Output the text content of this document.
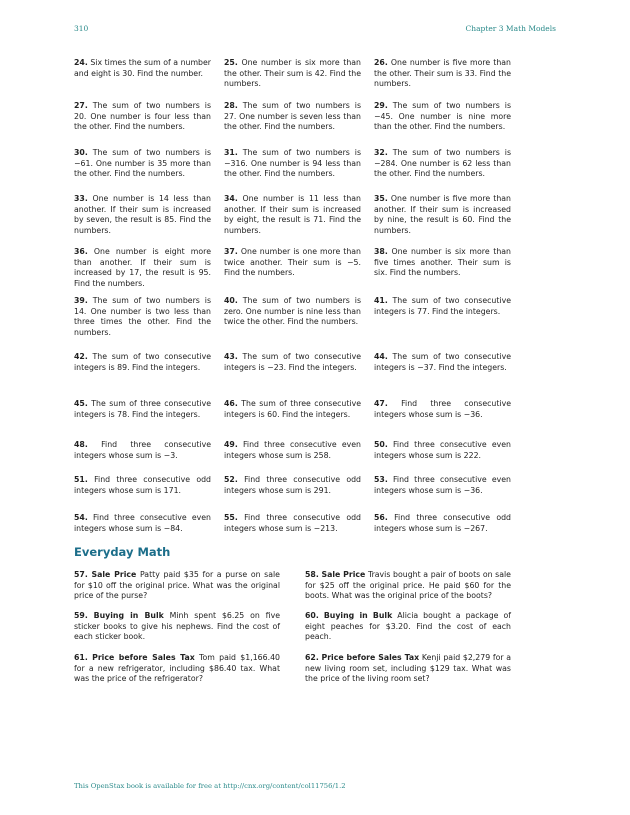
310	Chapter 3 Math Models
24. Six times the sum of a number and eight is 30. Find the number.
25. One number is six more than the other. Their sum is 42. Find the numbers.
26. One number is five more than the other. Their sum is 33. Find the numbers.
27. The sum of two numbers is 20. One number is four less than the other. Find the numbers.
28. The sum of two numbers is 27. One number is seven less than the other. Find the numbers.
29. The sum of two numbers is −45. One number is nine more than the other. Find the numbers.
30. The sum of two numbers is −61. One number is 35 more than the other. Find the numbers.
31. The sum of two numbers is −316. One number is 94 less than the other. Find the numbers.
32. The sum of two numbers is −284. One number is 62 less than the other. Find the numbers.
33. One number is 14 less than another. If their sum is increased by seven, the result is 85. Find the numbers.
34. One number is 11 less than another. If their sum is increased by eight, the result is 71. Find the numbers.
35. One number is five more than another. If their sum is increased by nine, the result is 60. Find the numbers.
36. One number is eight more than another. If their sum is increased by 17, the result is 95. Find the numbers.
37. One number is one more than twice another. Their sum is −5. Find the numbers.
38. One number is six more than five times another. Their sum is six. Find the numbers.
39. The sum of two numbers is 14. One number is two less than three times the other. Find the numbers.
40. The sum of two numbers is zero. One number is nine less than twice the other. Find the numbers.
41. The sum of two consecutive integers is 77. Find the integers.
42. The sum of two consecutive integers is 89. Find the integers.
43. The sum of two consecutive integers is −23. Find the integers.
44. The sum of two consecutive integers is −37. Find the integers.
45. The sum of three consecutive integers is 78. Find the integers.
46. The sum of three consecutive integers is 60. Find the integers.
47. Find three consecutive integers whose sum is −36.
48. Find three consecutive integers whose sum is −3.
49. Find three consecutive even integers whose sum is 258.
50. Find three consecutive even integers whose sum is 222.
51. Find three consecutive odd integers whose sum is 171.
52. Find three consecutive odd integers whose sum is 291.
53. Find three consecutive even integers whose sum is −36.
54. Find three consecutive even integers whose sum is −84.
55. Find three consecutive odd integers whose sum is −213.
56. Find three consecutive odd integers whose sum is −267.
Everyday Math
57. Sale Price Patty paid $35 for a purse on sale for $10 off the original price. What was the original price of the purse?
58. Sale Price Travis bought a pair of boots on sale for $25 off the original price. He paid $60 for the boots. What was the original price of the boots?
59. Buying in Bulk Minh spent $6.25 on five sticker books to give his nephews. Find the cost of each sticker book.
60. Buying in Bulk Alicia bought a package of eight peaches for $3.20. Find the cost of each peach.
61. Price before Sales Tax Tom paid $1,166.40 for a new refrigerator, including $86.40 tax. What was the price of the refrigerator?
62. Price before Sales Tax Kenji paid $2,279 for a new living room set, including $129 tax. What was the price of the living room set?
This OpenStax book is available for free at http://cnx.org/content/col11756/1.2
